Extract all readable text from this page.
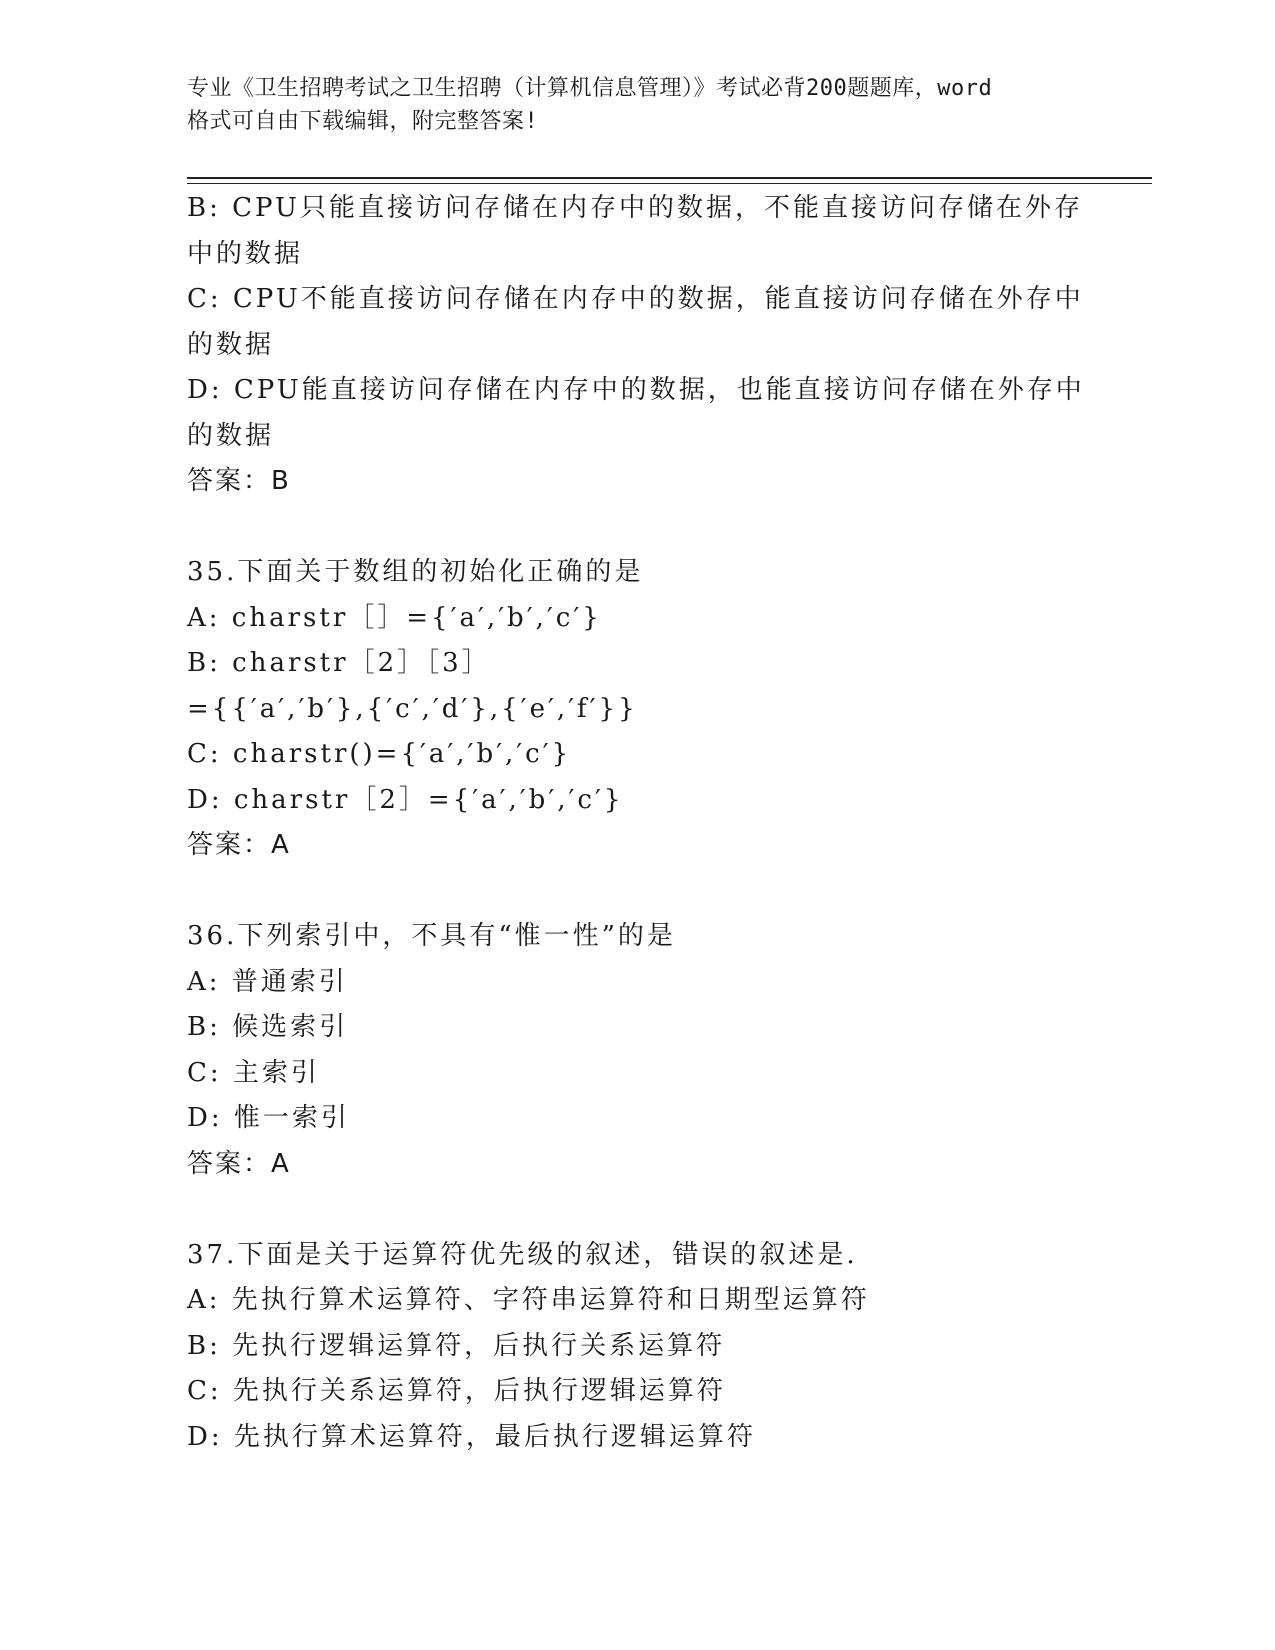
专业《卫生招聘考试之卫生招聘（计算机信息管理）》考试必背200题题库，word
格式可自由下载编辑，附完整答案!
B: CPU只能直接访问存储在内存中的数据，不能直接访问存储在外存
中的数据
C: CPU不能直接访问存储在内存中的数据，能直接访问存储在外存中
的数据
D: CPU能直接访问存储在内存中的数据，也能直接访问存储在外存中
的数据
答案：B
35.下面关于数组的初始化正确的是
A: charstr［］={′a′,′b′,′c′}
B: charstr［2］［3］
={{′a′,′b′},{′c′,′d′},{′e′,′f′}}
C: charstr()={′a′,′b′,′c′}
D: charstr［2］={′a′,′b′,′c′}
答案：A
36.下列索引中，不具有“惟一性”的是
A: 普通索引
B: 候选索引
C: 主索引
D: 惟一索引
答案：A
37.下面是关于运算符优先级的叙述，错误的叙述是.
A: 先执行算术运算符、字符串运算符和日期型运算符
B: 先执行逻辑运算符，后执行关系运算符
C: 先执行关系运算符，后执行逻辑运算符
D: 先执行算术运算符，最后执行逻辑运算符
